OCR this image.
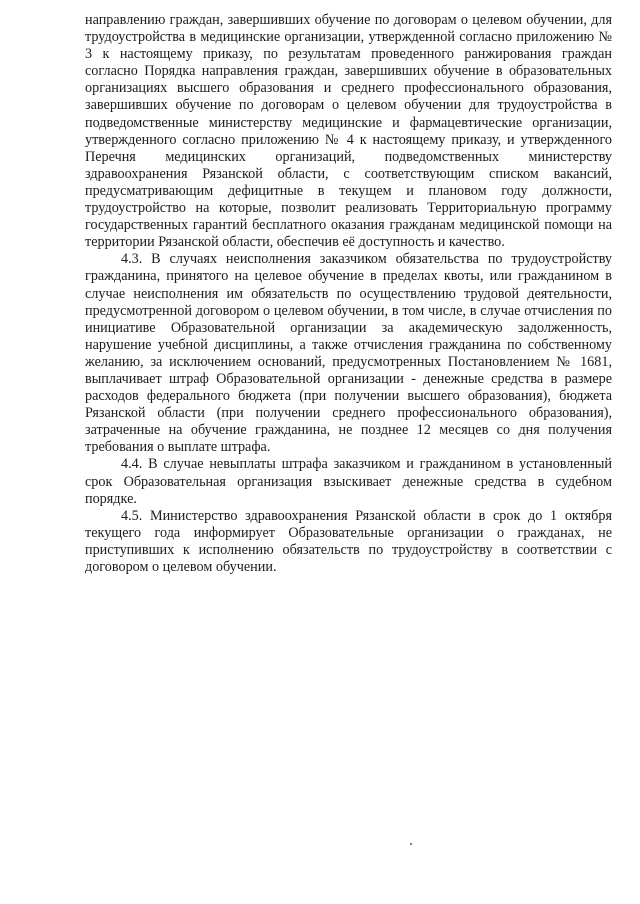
направлению граждан, завершивших обучение по договорам о целевом обучении, для трудоустройства в медицинские организации, утвержденной согласно приложению № 3 к настоящему приказу, по результатам проведенного ранжирования граждан согласно Порядка направления граждан, завершивших обучение в образовательных организациях высшего образования и среднего профессионального образования, завершивших обучение по договорам о целевом обучении для трудоустройства в подведомственные министерству медицинские и фармацевтические организации, утвержденного согласно приложению № 4 к настоящему приказу, и утвержденного Перечня медицинских организаций, подведомственных министерству здравоохранения Рязанской области, с соответствующим списком вакансий, предусматривающим дефицитные в текущем и плановом году должности, трудоустройство на которые, позволит реализовать Территориальную программу государственных гарантий бесплатного оказания гражданам медицинской помощи на территории Рязанской области, обеспечив её доступность и качество.

4.3. В случаях неисполнения заказчиком обязательства по трудоустройству гражданина, принятого на целевое обучение в пределах квоты, или гражданином в случае неисполнения им обязательств по осуществлению трудовой деятельности, предусмотренной договором о целевом обучении, в том числе, в случае отчисления по инициативе Образовательной организации за академическую задолженность, нарушение учебной дисциплины, а также отчисления гражданина по собственному желанию, за исключением оснований, предусмотренных Постановлением № 1681, выплачивает штраф Образовательной организации - денежные средства в размере расходов федерального бюджета (при получении высшего образования), бюджета Рязанской области (при получении среднего профессионального образования), затраченные на обучение гражданина, не позднее 12 месяцев со дня получения требования о выплате штрафа.

4.4. В случае невыплаты штрафа заказчиком и гражданином в установленный срок Образовательная организация взыскивает денежные средства в судебном порядке.

4.5. Министерство здравоохранения Рязанской области в срок до 1 октября текущего года информирует Образовательные организации о гражданах, не приступивших к исполнению обязательств по трудоустройству в соответствии с договором о целевом обучении.
